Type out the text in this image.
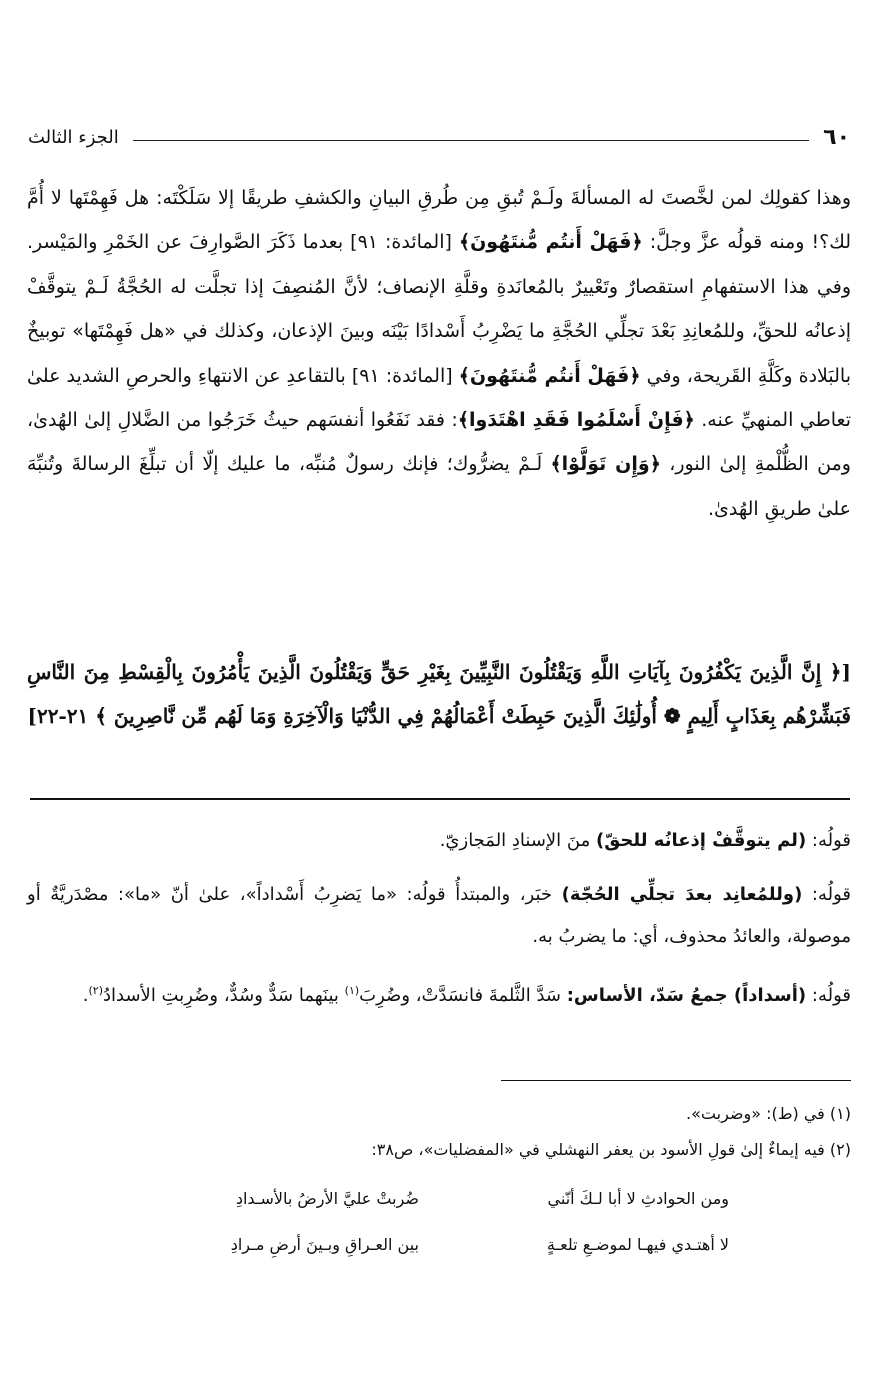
٦٠
الجزء الثالث

وهذا كقولِك لمن لخَّصتَ له المسألةَ ولَـمْ تُبقِ مِن طُرقِ البيانِ والكشفِ طريقًا إلا سَلَكْتَه: هل فَهِمْتَها لا أُمَّ لك؟! ومنه قولُه عزَّ وجلَّ: ﴿فَهَلْ أَنتُم مُّنتَهُونَ﴾ [المائدة: ٩١] بعدما ذَكَرَ الصَّوارِفَ عن الخَمْرِ والمَيْسر. وفي هذا الاستفهامِ استقصارٌ وتَعْييرٌ بالمُعانَدةِ وقلَّةِ الإنصاف؛ لأنَّ المُنصِفَ إذا تجلَّت له الحُجَّةُ لَـمْ يتوقَّفْ إذعانُه للحقِّ، وللمُعانِدِ بَعْدَ تجلِّي الحُجَّةِ ما يَضْرِبُ أَسْدادًا بَيْنَه وبينَ الإذعان، وكذلك في «هل فَهِمْتَها» توبيخٌ بالبَلادة وكَلَّةِ القَريحة، وفي ﴿فَهَلْ أَنتُم مُّنتَهُونَ﴾ [المائدة: ٩١] بالتقاعدِ عن الانتهاءِ والحرصِ الشديد علىٰ تعاطي المنهيِّ عنه. ﴿فَإِنْ أَسْلَمُوا فَقَدِ اهْتَدَوا﴾: فقد نَفَعُوا أنفسَهم حيثُ خَرَجُوا من الضَّلالِ إلىٰ الهُدىٰ، ومن الظُّلْمةِ إلىٰ النور، ﴿وَإِن تَوَلَّوْا﴾ لَـمْ يضرُّوك؛ فإنك رسولٌ مُنبِّه، ما عليك إلّا أن تبلِّغَ الرسالةَ وتُنبِّهَ علىٰ طريقِ الهُدىٰ.

[﴿ إِنَّ الَّذِينَ يَكْفُرُونَ بِآيَاتِ اللَّهِ وَيَقْتُلُونَ النَّبِيِّينَ بِغَيْرِ حَقٍّ وَيَقْتُلُونَ الَّذِينَ يَأْمُرُونَ بِالْقِسْطِ مِنَ النَّاسِ فَبَشِّرْهُم بِعَذَابٍ أَلِيمٍ ❁ أُولَٰئِكَ الَّذِينَ حَبِطَتْ أَعْمَالُهُمْ فِي الدُّنْيَا وَالْآخِرَةِ وَمَا لَهُم مِّن نَّاصِرِينَ ﴾ ٢١-٢٢]

قولُه: (لم يتوقَّفْ إذعانُه للحقّ) منَ الإسنادِ المَجازيّ.

قولُه: (وللمُعانِد بعدَ تجلِّي الحُجّة) خبَر، والمبتدأُ قولُه: «ما يَضرِبُ أَسْداداً»، علىٰ أنّ «ما»: مصْدَريَّةٌ أو موصولة، والعائدُ محذوف، أي: ما يضربُ به.

قولُه: (أسداداً) جمعُ سَدّ، الأساس: سَدَّ الثَّلمةَ فانسَدَّتْ، وضُرِبَ$^{(١)}$ بينَهما سَدٌّ وسُدٌّ، وضُرِبتِ الأسدادُ$^{(٢)}$.

(١) في (ط): «وضربت».

(٢) فيه إيماءٌ إلىٰ قولِ الأسود بن يعفر النهشلي في «المفضليات»، ص٣٨:

ومن الحوادثِ لا أبا لـكَ أنّني
ضُربتْ عليَّ الأرضُ بالأسـدادِ
لا أهتـدي فيهـا لموضـعِ تلعـةٍ
بين العـراقِ وبـينَ أرضِ مـرادِ
